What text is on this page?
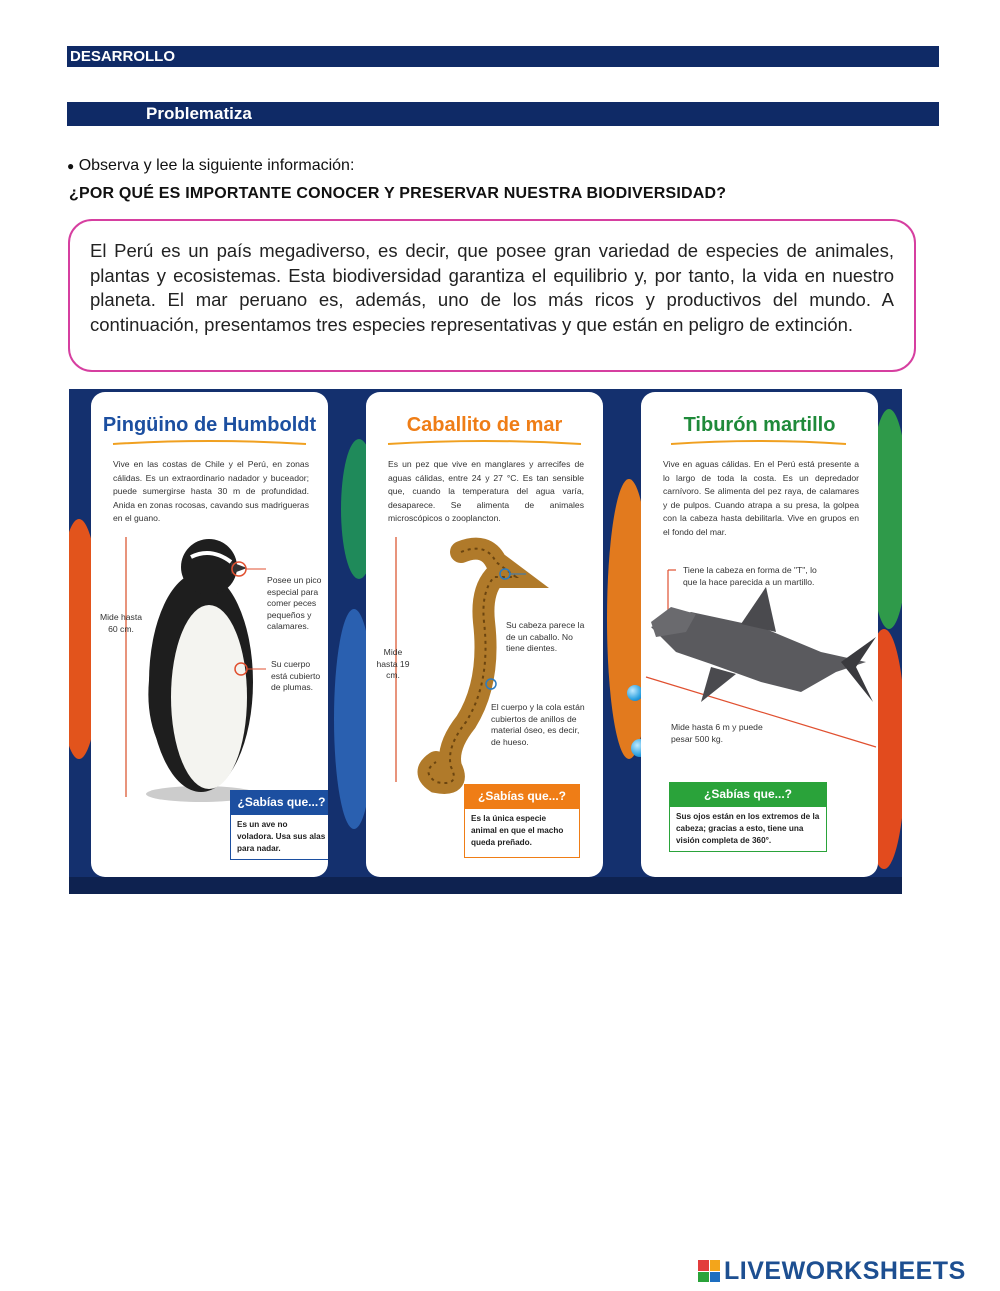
DESARROLLO
Problematiza
● Observa y lee la siguiente información:
¿POR QUÉ ES IMPORTANTE CONOCER Y PRESERVAR NUESTRA BIODIVERSIDAD?
El Perú es un país megadiverso, es decir, que posee gran variedad de especies de animales, plantas y ecosistemas. Esta biodiversidad garantiza el equilibrio y, por tanto, la vida en nuestro planeta. El mar peruano es, además, uno de los más ricos y productivos del mundo. A continuación, presentamos tres especies representativas y que están en peligro de extinción.
Pingüino de Humboldt
Vive en las costas de Chile y el Perú, en zonas cálidas. Es un extraordinario nadador y buceador; puede sumergirse hasta 30 m de profundidad. Anida en zonas rocosas, cavando sus madrigueras en el guano.
Mide hasta 60 cm.
Posee un pico especial para comer peces pequeños y calamares.
Su cuerpo está cubierto de plumas.
¿Sabías que...?
Es un ave no voladora. Usa sus alas para nadar.
Caballito de mar
Es un pez que vive en manglares y arrecifes de aguas cálidas, entre 24 y 27 °C. Es tan sensible que, cuando la temperatura del agua varía, desaparece. Se alimenta de animales microscópicos o zooplancton.
Mide hasta 19 cm.
Su cabeza parece la de un caballo. No tiene dientes.
El cuerpo y la cola están cubiertos de anillos de material óseo, es decir, de hueso.
¿Sabías que...?
Es la única especie animal en que el macho queda preñado.
Tiburón martillo
Vive en aguas cálidas. En el Perú está presente a lo largo de toda la costa. Es un depredador carnívoro. Se alimenta del pez raya, de calamares y de pulpos. Cuando atrapa a su presa, la golpea con la cabeza hasta debilitarla. Vive en grupos en el fondo del mar.
Tiene la cabeza en forma de "T", lo que la hace parecida a un martillo.
Mide hasta 6 m y puede pesar 500 kg.
¿Sabías que...?
Sus ojos están en los extremos de la cabeza; gracias a esto, tiene una visión completa de 360°.
LIVEWORKSHEETS
